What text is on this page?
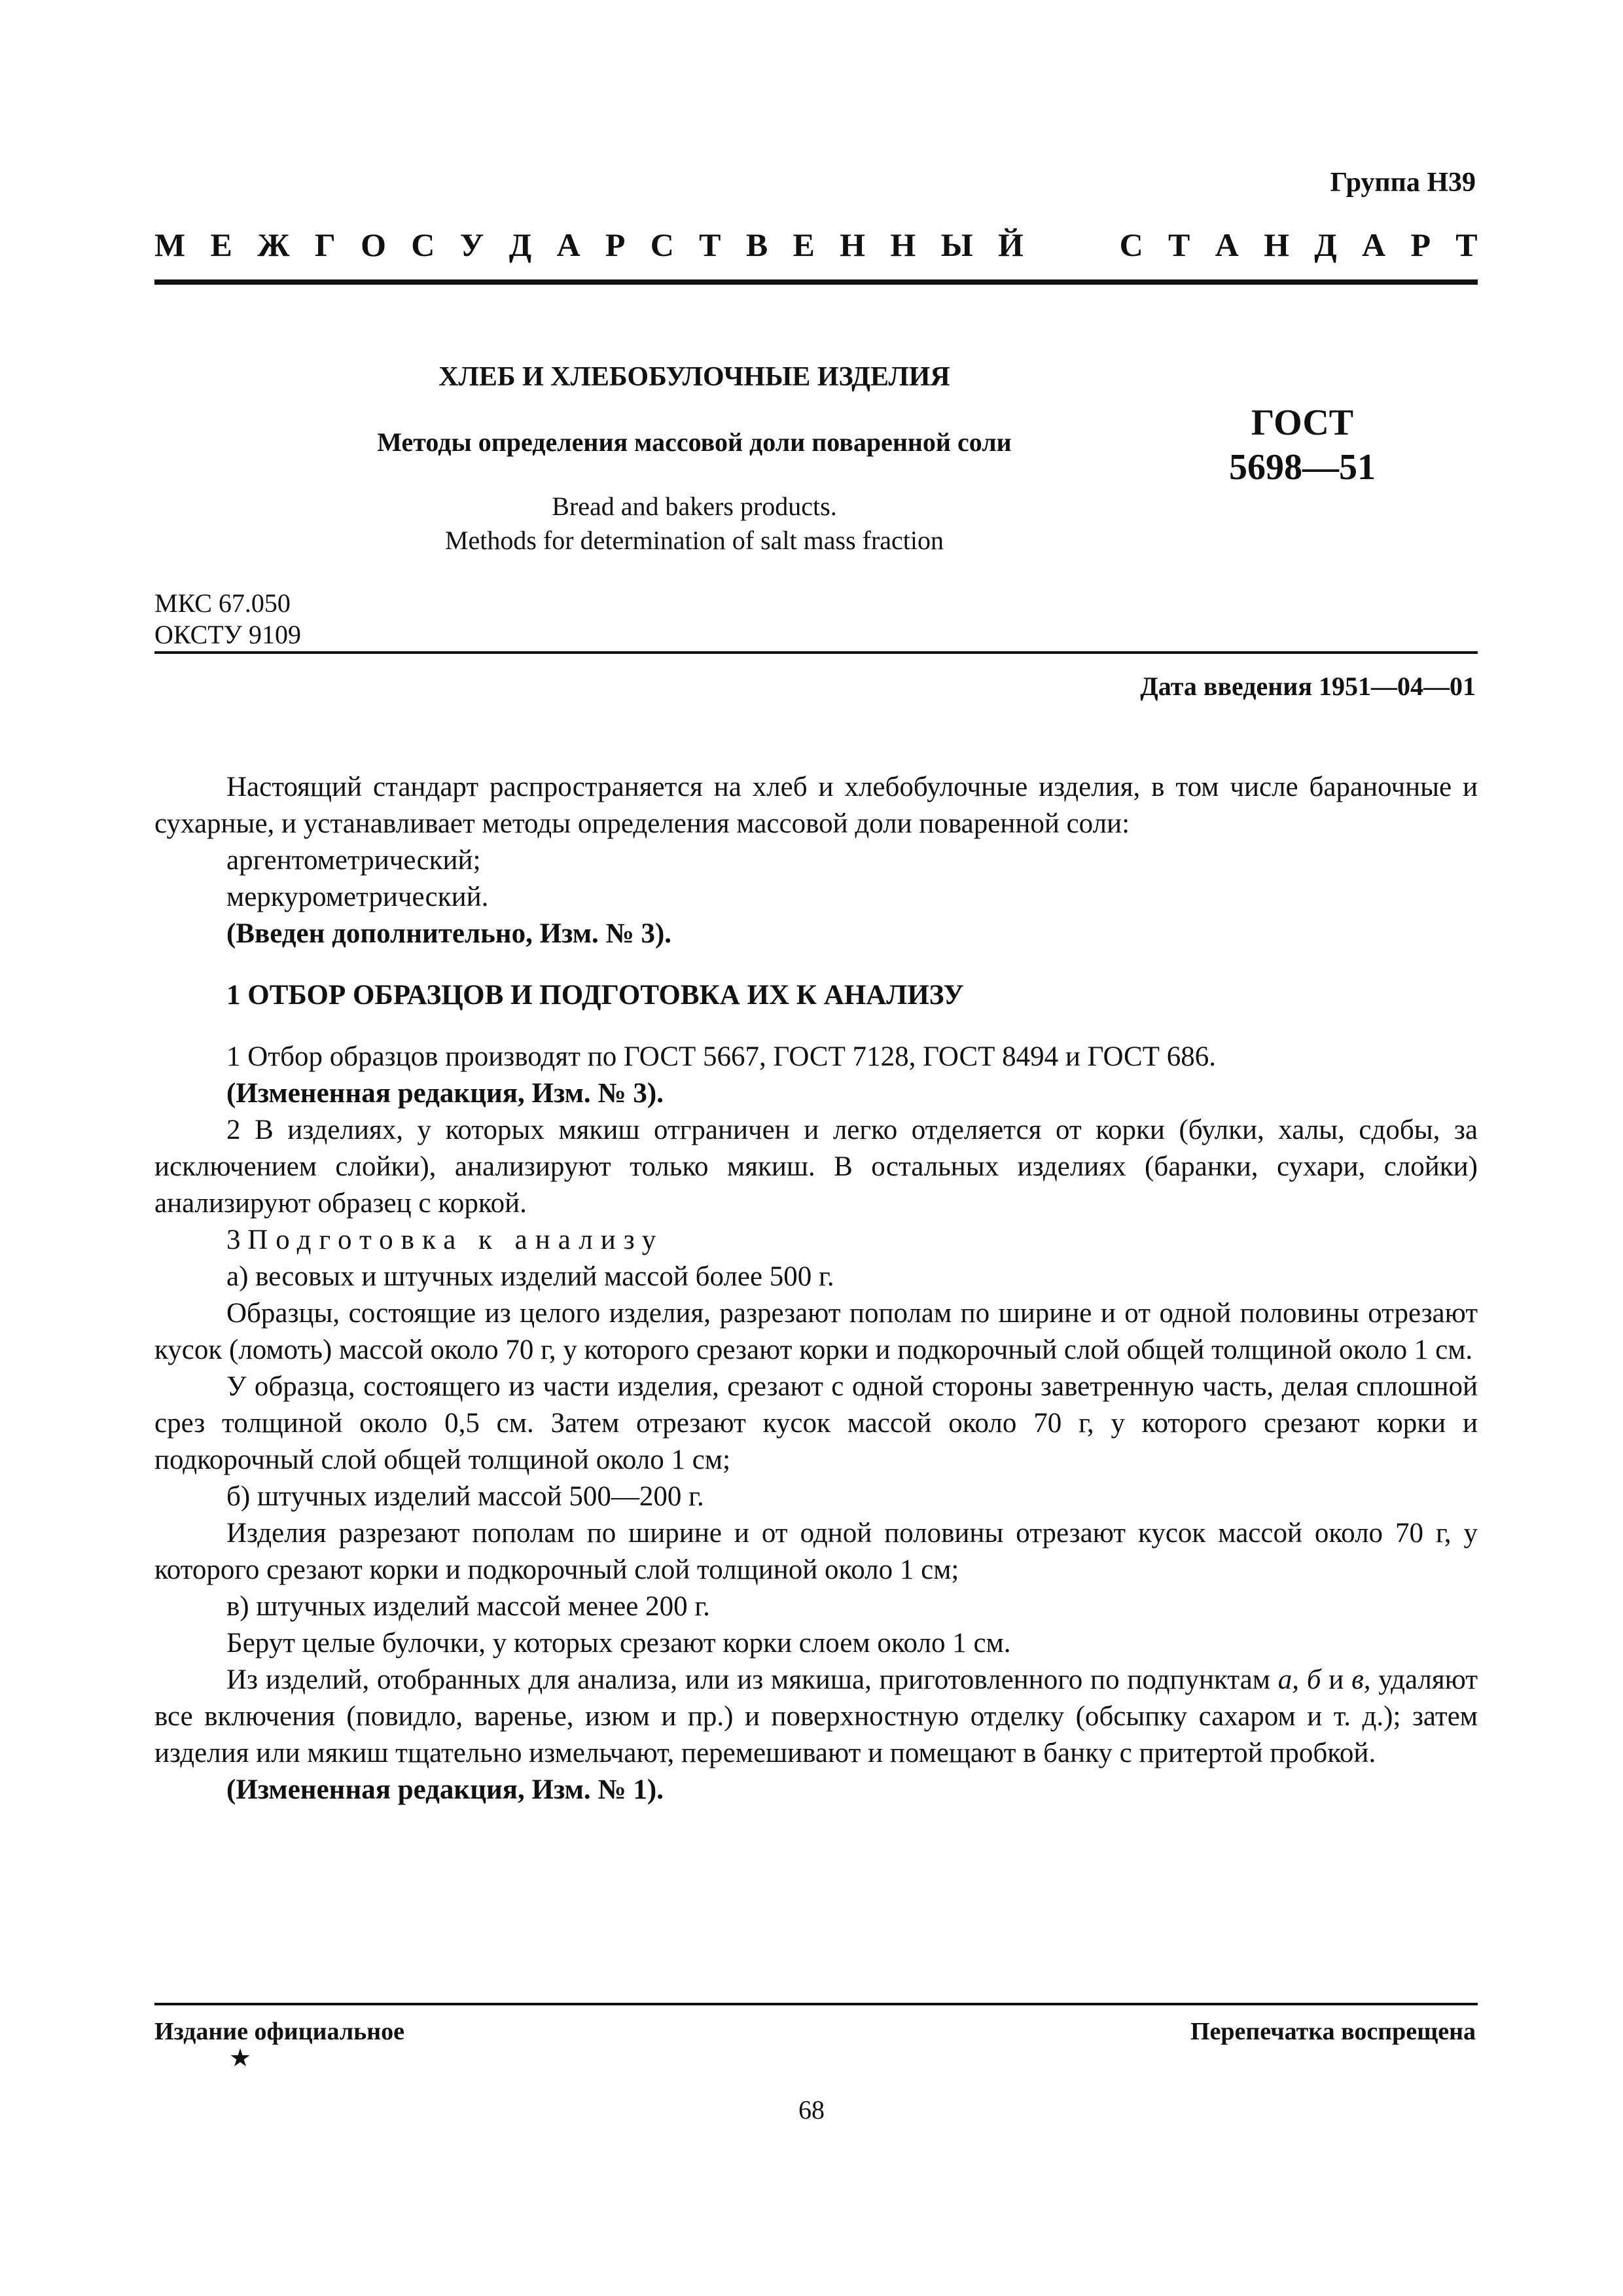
Группа Н39
М Е Ж Г О С У Д А Р С Т В Е Н Н Ы Й	С Т А Н Д А Р Т
ХЛЕБ И ХЛЕБОБУЛОЧНЫЕ ИЗДЕЛИЯ
Методы определения массовой доли поваренной соли
Bread and bakers products.
Methods for determination of salt mass fraction
ГОСТ
5698—51
МКС 67.050
ОКСТУ 9109
Дата введения 1951—04—01

Настоящий стандарт распространяется на хлеб и хлебобулочные изделия, в том числе бараночные и сухарные, и устанавливает методы определения массовой доли поваренной соли:

аргентометрический;

меркурометрический.

(Введен дополнительно, Изм. № 3).

1 ОТБОР ОБРАЗЦОВ И ПОДГОТОВКА ИХ К АНАЛИЗУ

1 Отбор образцов производят по ГОСТ 5667, ГОСТ 7128, ГОСТ 8494 и ГОСТ 686.

(Измененная редакция, Изм. № 3).

2 В изделиях, у которых мякиш отграничен и легко отделяется от корки (булки, халы, сдобы, за исключением слойки), анализируют только мякиш. В остальных изделиях (баранки, сухари, слойки) анализируют образец с коркой.

3 Подготовка к анализу

а) весовых и штучных изделий массой более 500 г.

Образцы, состоящие из целого изделия, разрезают пополам по ширине и от одной половины отрезают кусок (ломоть) массой около 70 г, у которого срезают корки и подкорочный слой общей толщиной около 1 см.

У образца, состоящего из части изделия, срезают с одной стороны заветренную часть, делая сплошной срез толщиной около 0,5 см. Затем отрезают кусок массой около 70 г, у которого срезают корки и подкорочный слой общей толщиной около 1 см;

б) штучных изделий массой 500—200 г.

Изделия разрезают пополам по ширине и от одной половины отрезают кусок массой около 70 г, у которого срезают корки и подкорочный слой толщиной около 1 см;

в) штучных изделий массой менее 200 г.

Берут целые булочки, у которых срезают корки слоем около 1 см.

Из изделий, отобранных для анализа, или из мякиша, приготовленного по подпунктам а, б и в, удаляют все включения (повидло, варенье, изюм и пр.) и поверхностную отделку (обсыпку сахаром и т. д.); затем изделия или мякиш тщательно измельчают, перемешивают и помещают в банку с притертой пробкой.

(Измененная редакция, Изм. № 1).

Издание официальное	Перепечатка воспрещена
★
68
